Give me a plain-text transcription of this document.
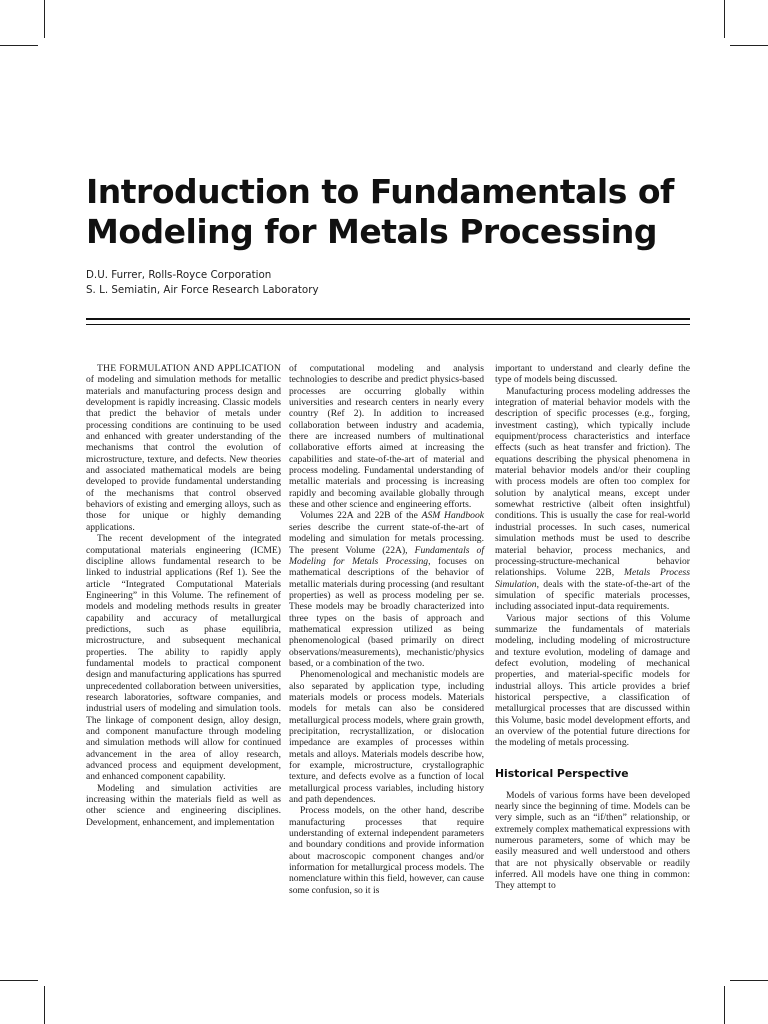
Introduction to Fundamentals of
Modeling for Metals Processing
D.U. Furrer, Rolls-Royce Corporation
S. L. Semiatin, Air Force Research Laboratory

THE FORMULATION AND APPLICATION of modeling and simulation methods for metallic materials and manufacturing process design and development is rapidly increasing. Classic models that predict the behavior of metals under processing conditions are continuing to be used and enhanced with greater understanding of the mechanisms that control the evolution of microstructure, texture, and defects. New theories and associated mathematical models are being developed to provide fundamental understanding of the mechanisms that control observed behaviors of existing and emerging alloys, such as those for unique or highly demanding applications.

The recent development of the integrated computational materials engineering (ICME) discipline allows fundamental research to be linked to industrial applications (Ref 1). See the article “Integrated Computational Materials Engineering” in this Volume. The refinement of models and modeling methods results in greater capability and accuracy of metallurgical predictions, such as phase equilibria, microstructure, and subsequent mechanical properties. The ability to rapidly apply fundamental models to practical component design and manufacturing applications has spurred unprecedented collaboration between universities, research laboratories, software companies, and industrial users of modeling and simulation tools. The linkage of component design, alloy design, and component manufacture through modeling and simulation methods will allow for continued advancement in the area of alloy research, advanced process and equipment development, and enhanced component capability.

Modeling and simulation activities are increasing within the materials field as well as other science and engineering disciplines. Development, enhancement, and implementation

of computational modeling and analysis technologies to describe and predict physics-based processes are occurring globally within universities and research centers in nearly every country (Ref 2). In addition to increased collaboration between industry and academia, there are increased numbers of multinational collaborative efforts aimed at increasing the capabilities and state-of-the-art of material and process modeling. Fundamental understanding of metallic materials and processing is increasing rapidly and becoming available globally through these and other science and engineering efforts.

Volumes 22A and 22B of the ASM Handbook series describe the current state-of-the-art of modeling and simulation for metals processing. The present Volume (22A), Fundamentals of Modeling for Metals Processing, focuses on mathematical descriptions of the behavior of metallic materials during processing (and resultant properties) as well as process modeling per se. These models may be broadly characterized into three types on the basis of approach and mathematical expression utilized as being phenomenological (based primarily on direct observations/measurements), mechanistic/physics based, or a combination of the two.

Phenomenological and mechanistic models are also separated by application type, including materials models or process models. Materials models for metals can also be considered metallurgical process models, where grain growth, precipitation, recrystallization, or dislocation impedance are examples of processes within metals and alloys. Materials models describe how, for example, microstructure, crystallographic texture, and defects evolve as a function of local metallurgical process variables, including history and path dependences.

Process models, on the other hand, describe manufacturing processes that require understanding of external independent parameters and boundary conditions and provide information about macroscopic component changes and/or information for metallurgical process models. The nomenclature within this field, however, can cause some confusion, so it is

important to understand and clearly define the type of models being discussed.

Manufacturing process modeling addresses the integration of material behavior models with the description of specific processes (e.g., forging, investment casting), which typically include equipment/process characteristics and interface effects (such as heat transfer and friction). The equations describing the physical phenomena in material behavior models and/or their coupling with process models are often too complex for solution by analytical means, except under somewhat restrictive (albeit often insightful) conditions. This is usually the case for real-world industrial processes. In such cases, numerical simulation methods must be used to describe material behavior, process mechanics, and processing-structure-mechanical behavior relationships. Volume 22B, Metals Process Simulation, deals with the state-of-the-art of the simulation of specific materials processes, including associated input-data requirements.

Various major sections of this Volume summarize the fundamentals of materials modeling, including modeling of microstructure and texture evolution, modeling of damage and defect evolution, modeling of mechanical properties, and material-specific models for industrial alloys. This article provides a brief historical perspective, a classification of metallurgical processes that are discussed within this Volume, basic model development efforts, and an overview of the potential future directions for the modeling of metals processing.

Historical Perspective

Models of various forms have been developed nearly since the beginning of time. Models can be very simple, such as an “if/then” relationship, or extremely complex mathematical expressions with numerous parameters, some of which may be easily measured and well understood and others that are not physically observable or readily inferred. All models have one thing in common: They attempt to
